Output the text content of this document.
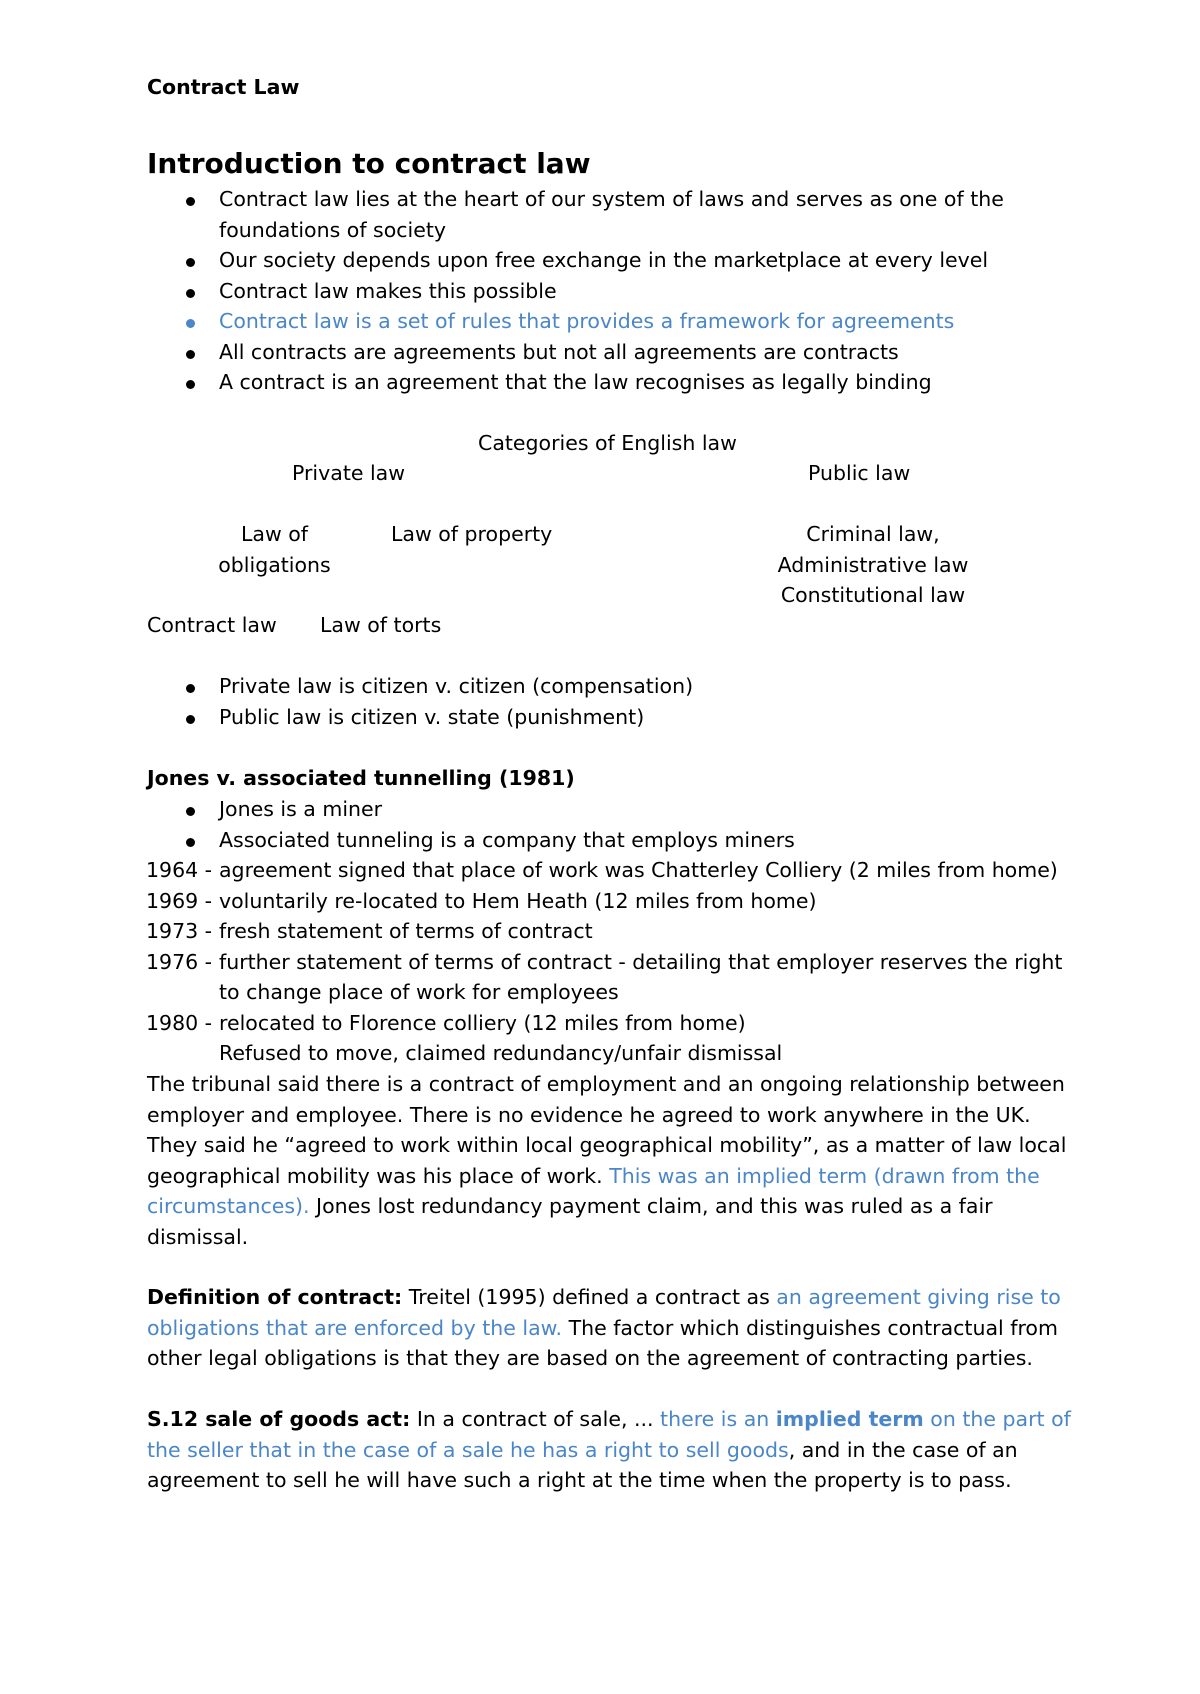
Contract Law
Introduction to contract law
Contract law lies at the heart of our system of laws and serves as one of the foundations of society
Our society depends upon free exchange in the marketplace at every level
Contract law makes this possible
Contract law is a set of rules that provides a framework for agreements
All contracts are agreements but not all agreements are contracts
A contract is an agreement that the law recognises as legally binding
Categories of English law
Private law	Public law
Law of obligations
Law of property	Criminal law,
Administrative law
Constitutional law
Contract law Law of torts
Private law is citizen v. citizen (compensation)
Public law is citizen v. state (punishment)
Jones v. associated tunnelling (1981)
Jones is a miner
Associated tunneling is a company that employs miners
1964 - agreement signed that place of work was Chatterley Colliery (2 miles from home)
1969 - voluntarily re-located to Hem Heath (12 miles from home)
1973 - fresh statement of terms of contract
1976 - further statement of terms of contract - detailing that employer reserves the right to change place of work for employees
1980 - relocated to Florence colliery (12 miles from home)
Refused to move, claimed redundancy/unfair dismissal
The tribunal said there is a contract of employment and an ongoing relationship between employer and employee. There is no evidence he agreed to work anywhere in the UK. They said he “agreed to work within local geographical mobility”, as a matter of law local geographical mobility was his place of work. This was an implied term (drawn from the circumstances). Jones lost redundancy payment claim, and this was ruled as a fair dismissal.
Definition of contract: Treitel (1995) defined a contract as an agreement giving rise to obligations that are enforced by the law. The factor which distinguishes contractual from other legal obligations is that they are based on the agreement of contracting parties.
S.12 sale of goods act: In a contract of sale, ... there is an implied term on the part of the seller that in the case of a sale he has a right to sell goods, and in the case of an agreement to sell he will have such a right at the time when the property is to pass.
